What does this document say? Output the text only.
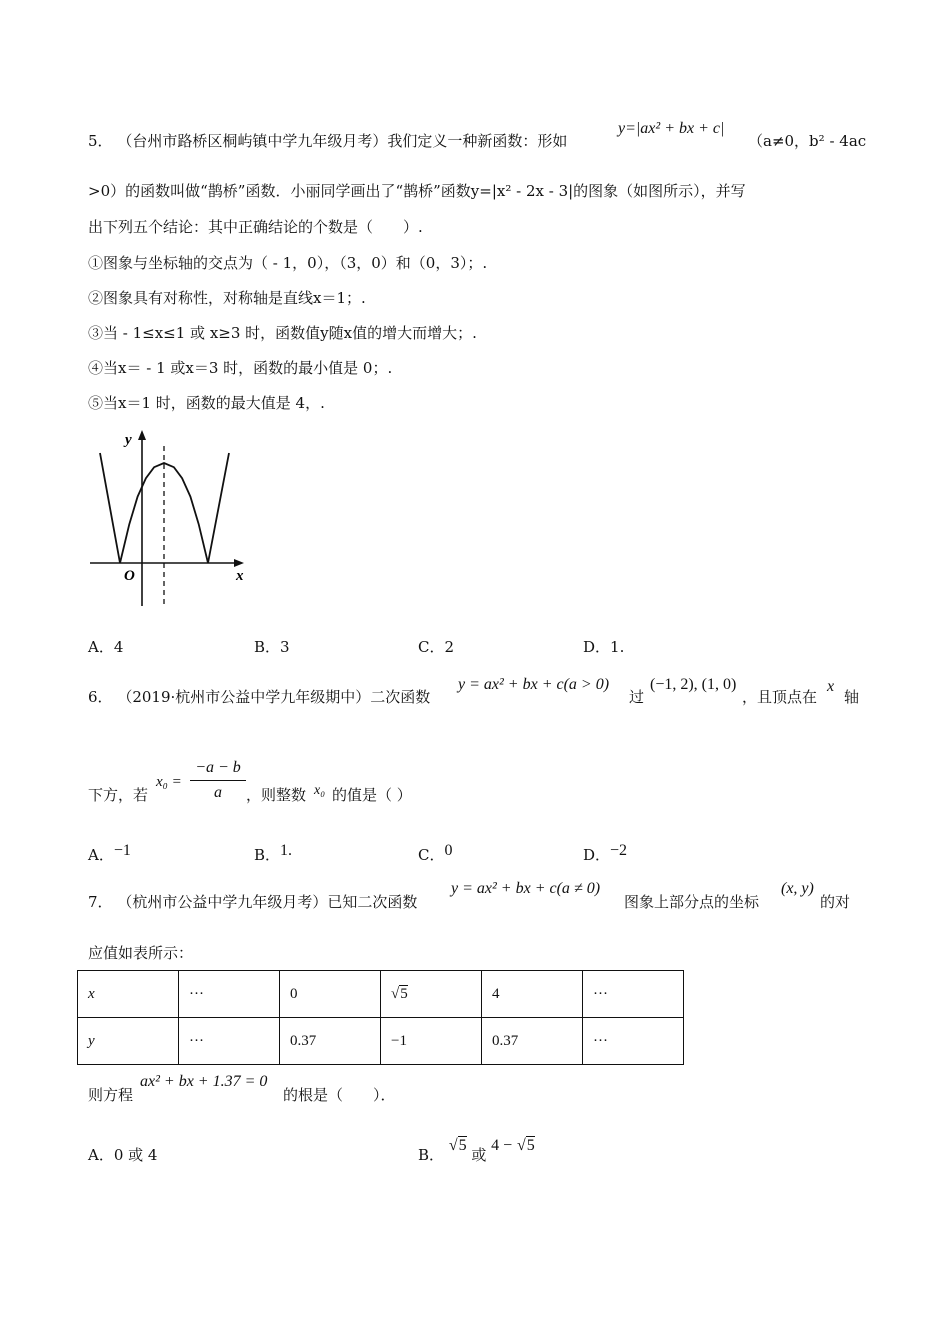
5． （台州市路桥区桐屿镇中学九年级月考）我们定义一种新函数：形如
y=|ax² + bx + c|
（a≠0，b² - 4ac
>0）的函数叫做“鹊桥”函数．小丽同学画出了“鹊桥”函数y=|x² - 2x - 3|的图象（如图所示），并写
出下列五个结论：其中正确结论的个数是（　　）.
①图象与坐标轴的交点为（ - 1，0），（3，0）和（0，3）；.
②图象具有对称性，对称轴是直线x＝1；.
③当 - 1≤x≤1 或 x≥3 时，函数值y随x值的增大而增大；.
④当x＝ - 1 或x＝3 时，函数的最小值是 0；.
⑤当x＝1 时，函数的最大值是 4，.
y
x
O
A．4	B．3	C．2	D．1.
6． （2019·杭州市公益中学九年级期中）二次函数
y = ax² + bx + c(a > 0)
过
(−1, 2), (1, 0)
，且顶点在
x
轴
下方，若
x₀ =
−a − b
a	，则整数 x₀ 的值是（ ）
A．−1	B．1.	C．0	D．−2
7． （杭州市公益中学九年级月考）已知二次函数
y = ax² + bx + c(a ≠ 0)
图象上部分点的坐标
(x, y)
的对
应值如表所示：
x	···	0	√5	4	···
y	···	0.37	−1	0.37	···
则方程
ax² + bx + 1.37 = 0
的根是（　　）．
A．0 或 4	B． √5 或 4 − √5
